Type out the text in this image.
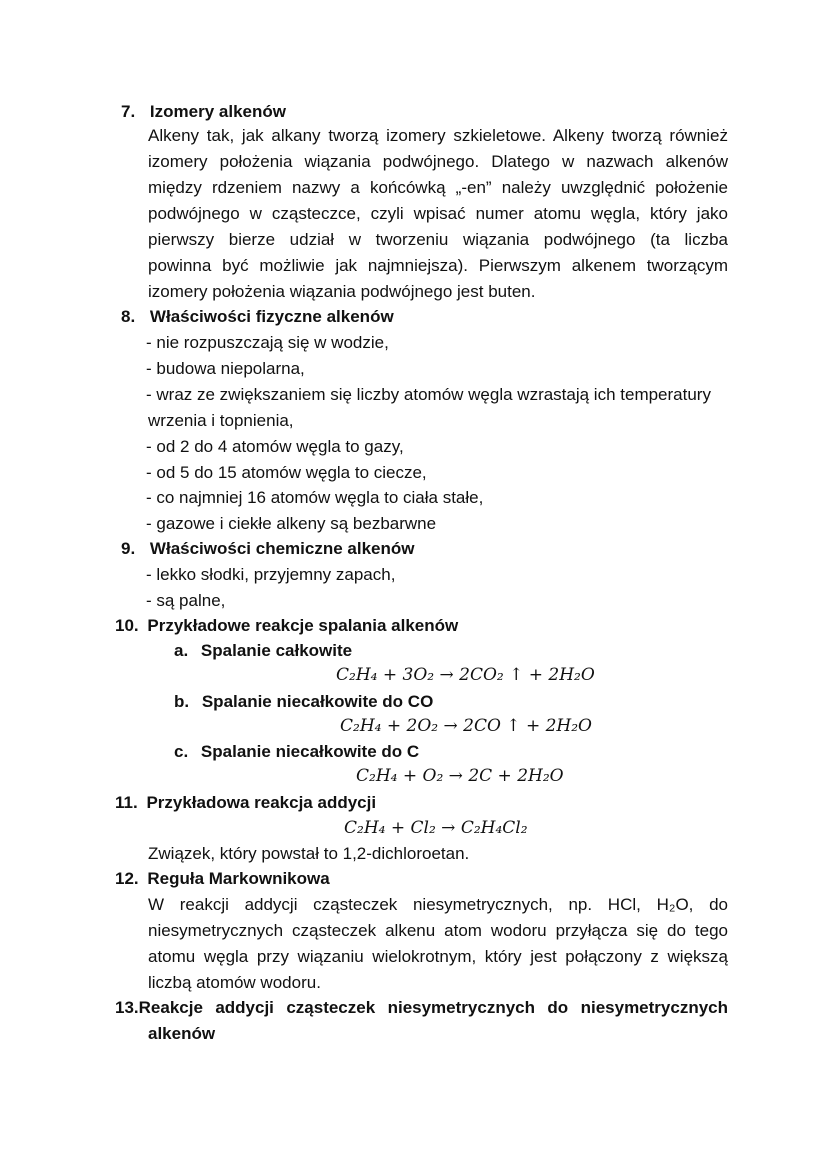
7. Izomery alkenów
Alkeny tak, jak alkany tworzą izomery szkieletowe. Alkeny tworzą również
izomery położenia wiązania podwójnego. Dlatego w nazwach alkenów
między rdzeniem nazwy a końcówką „-en” należy uwzględnić położenie
podwójnego w cząsteczce, czyli wpisać numer atomu węgla, który jako
pierwszy bierze udział w tworzeniu wiązania podwójnego (ta liczba
powinna być możliwie jak najmniejsza). Pierwszym alkenem tworzącym
izomery położenia wiązania podwójnego jest buten.
8. Właściwości fizyczne alkenów
- nie rozpuszczają się w wodzie,
- budowa niepolarna,
- wraz ze zwiększaniem się liczby atomów węgla wzrastają ich temperatury
wrzenia i topnienia,
- od 2 do 4 atomów węgla to gazy,
- od 5 do 15 atomów węgla to ciecze,
- co najmniej 16 atomów węgla to ciała stałe,
- gazowe i ciekłe alkeny są bezbarwne
9. Właściwości chemiczne alkenów
- lekko słodki, przyjemny zapach,
- są palne,
10. Przykładowe reakcje spalania alkenów
a. Spalanie całkowite
C₂H₄ + 3O₂ → 2CO₂ ↑ + 2H₂O
b. Spalanie niecałkowite do CO
C₂H₄ + 2O₂ → 2CO ↑ + 2H₂O
c. Spalanie niecałkowite do C
C₂H₄ + O₂ → 2C + 2H₂O
11. Przykładowa reakcja addycji
C₂H₄ + Cl₂ → C₂H₄Cl₂
Związek, który powstał to 1,2-dichloroetan.
12. Reguła Markownikowa
W reakcji addycji cząsteczek niesymetrycznych, np. HCl, H₂O, do
niesymetrycznych cząsteczek alkenu atom wodoru przyłącza się do tego
atomu węgla przy wiązaniu wielokrotnym, który jest połączony z większą
liczbą atomów wodoru.
13.Reakcje addycji cząsteczek niesymetrycznych do niesymetrycznych
alkenów
